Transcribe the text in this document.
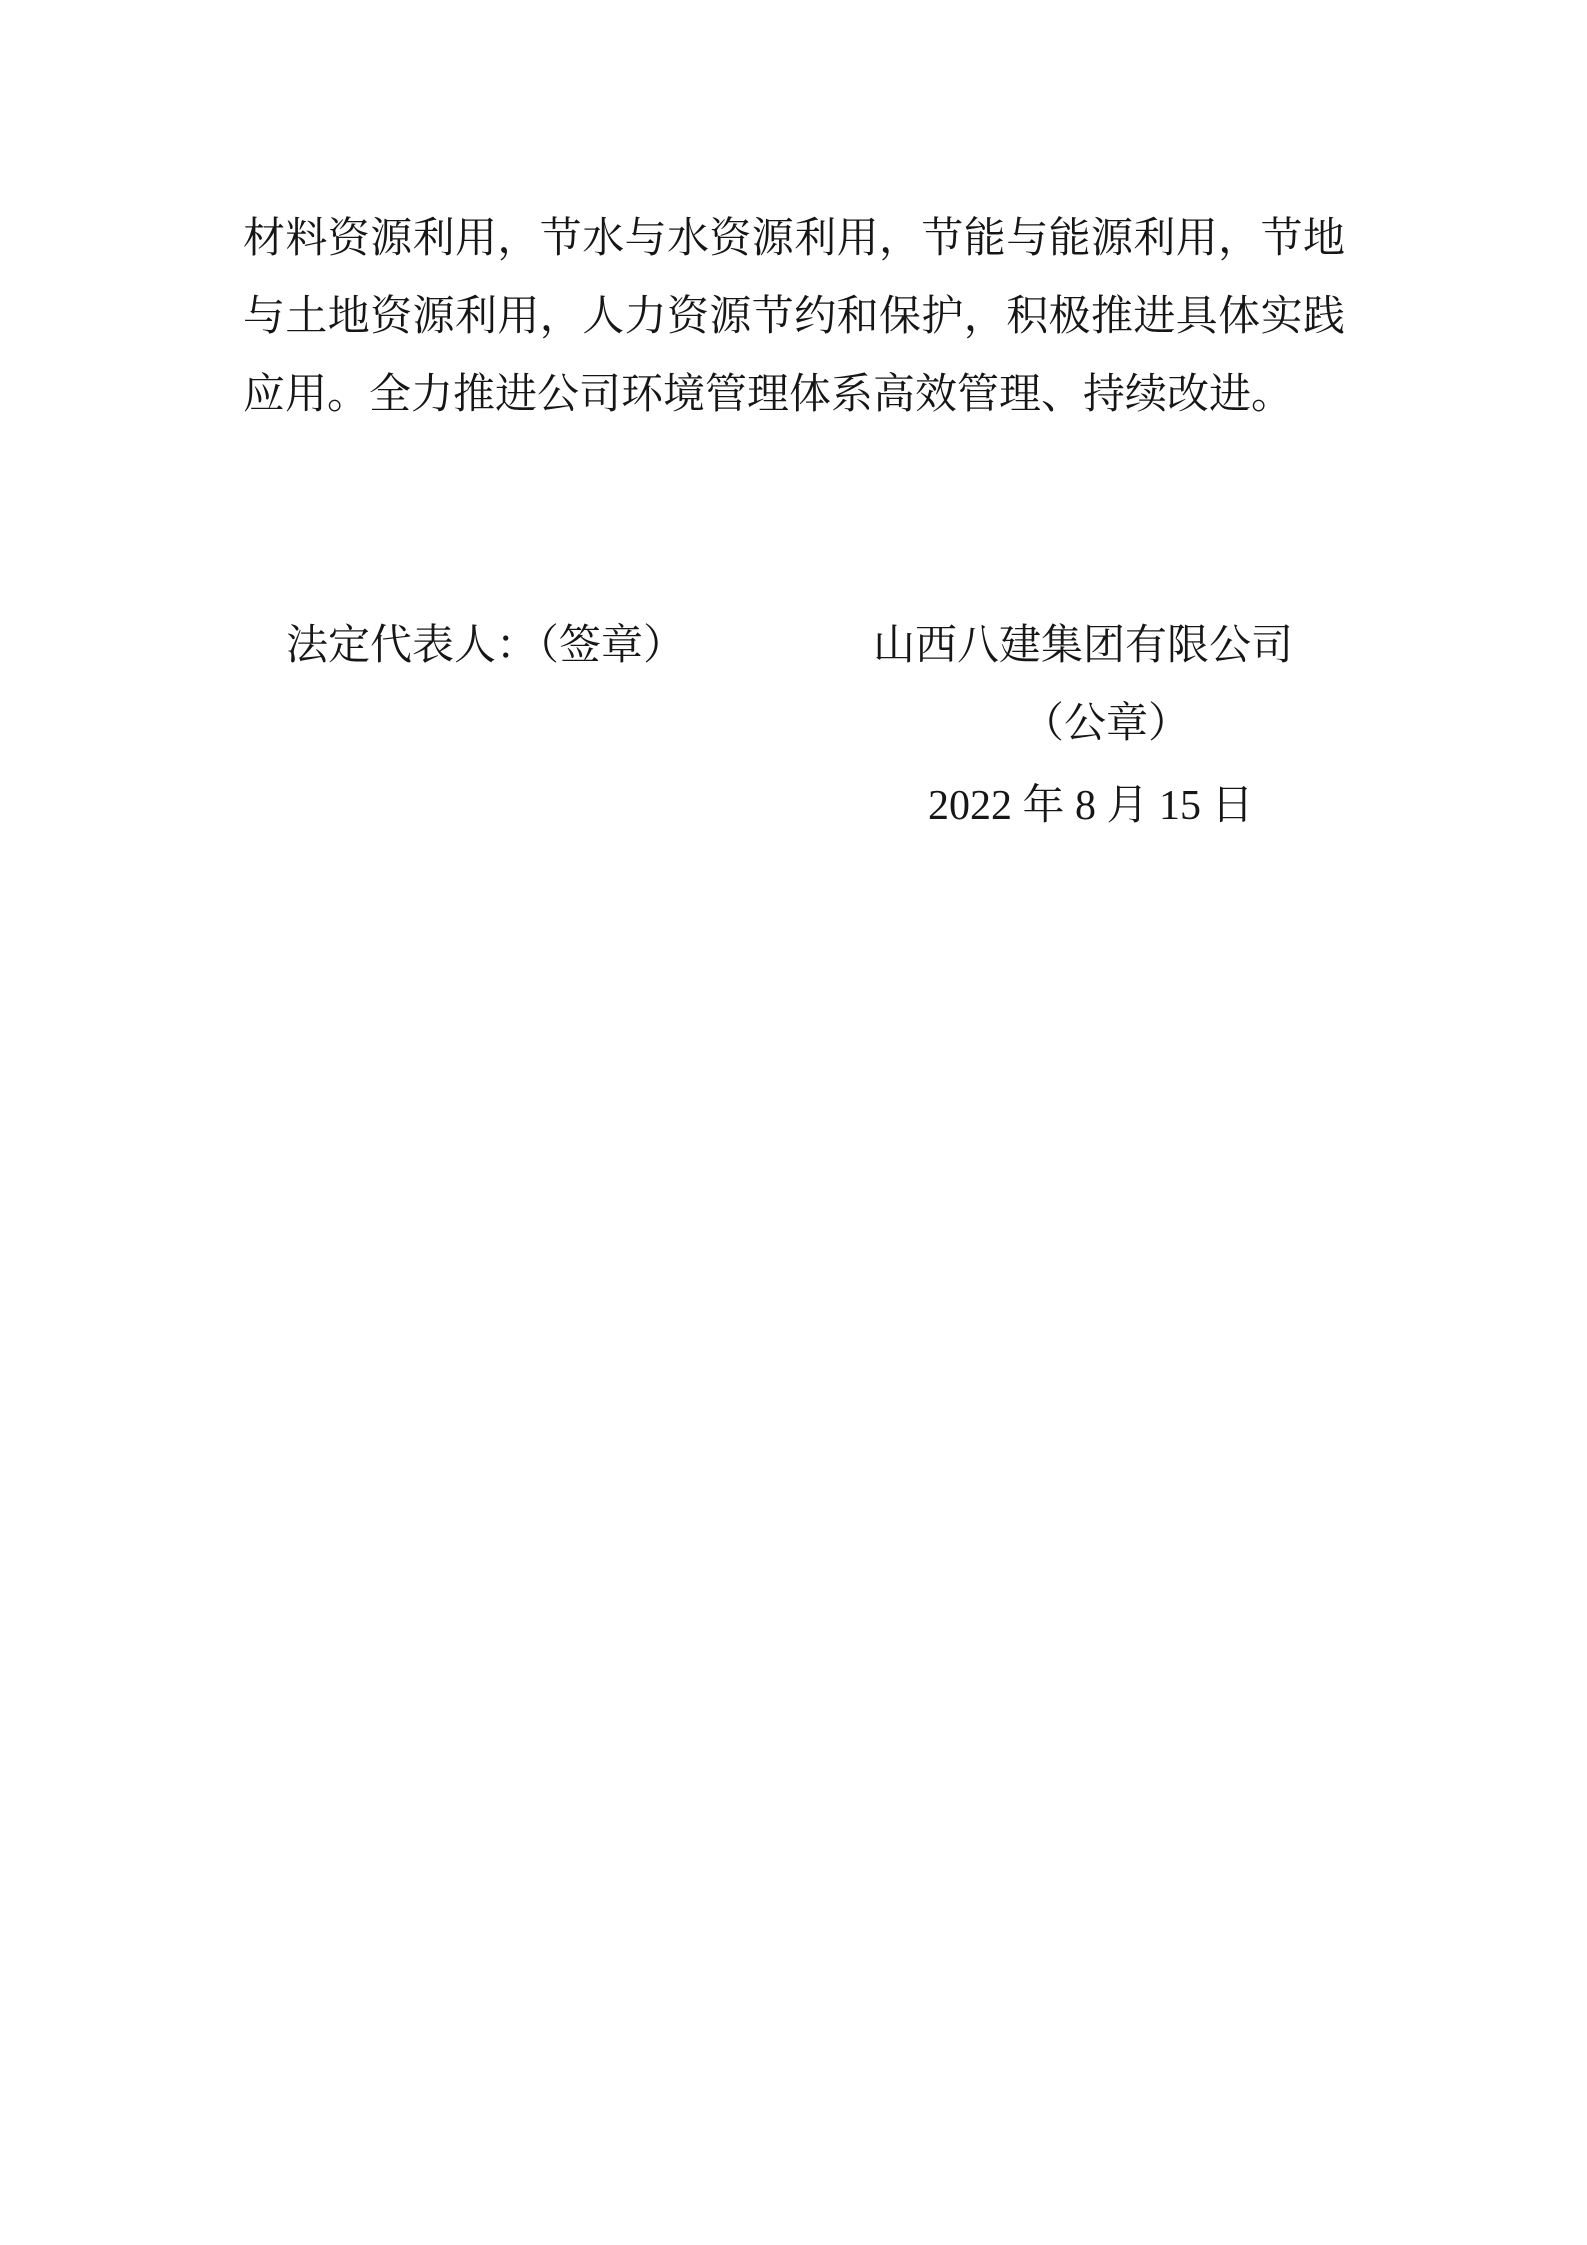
材料资源利用，节水与水资源利用，节能与能源利用，节地
与土地资源利用，人力资源节约和保护，积极推进具体实践
应用。全力推进公司环境管理体系高效管理、持续改进。
法定代表人：（签章）	山西八建集团有限公司
（公章）
2022 年 8 月 15 日
